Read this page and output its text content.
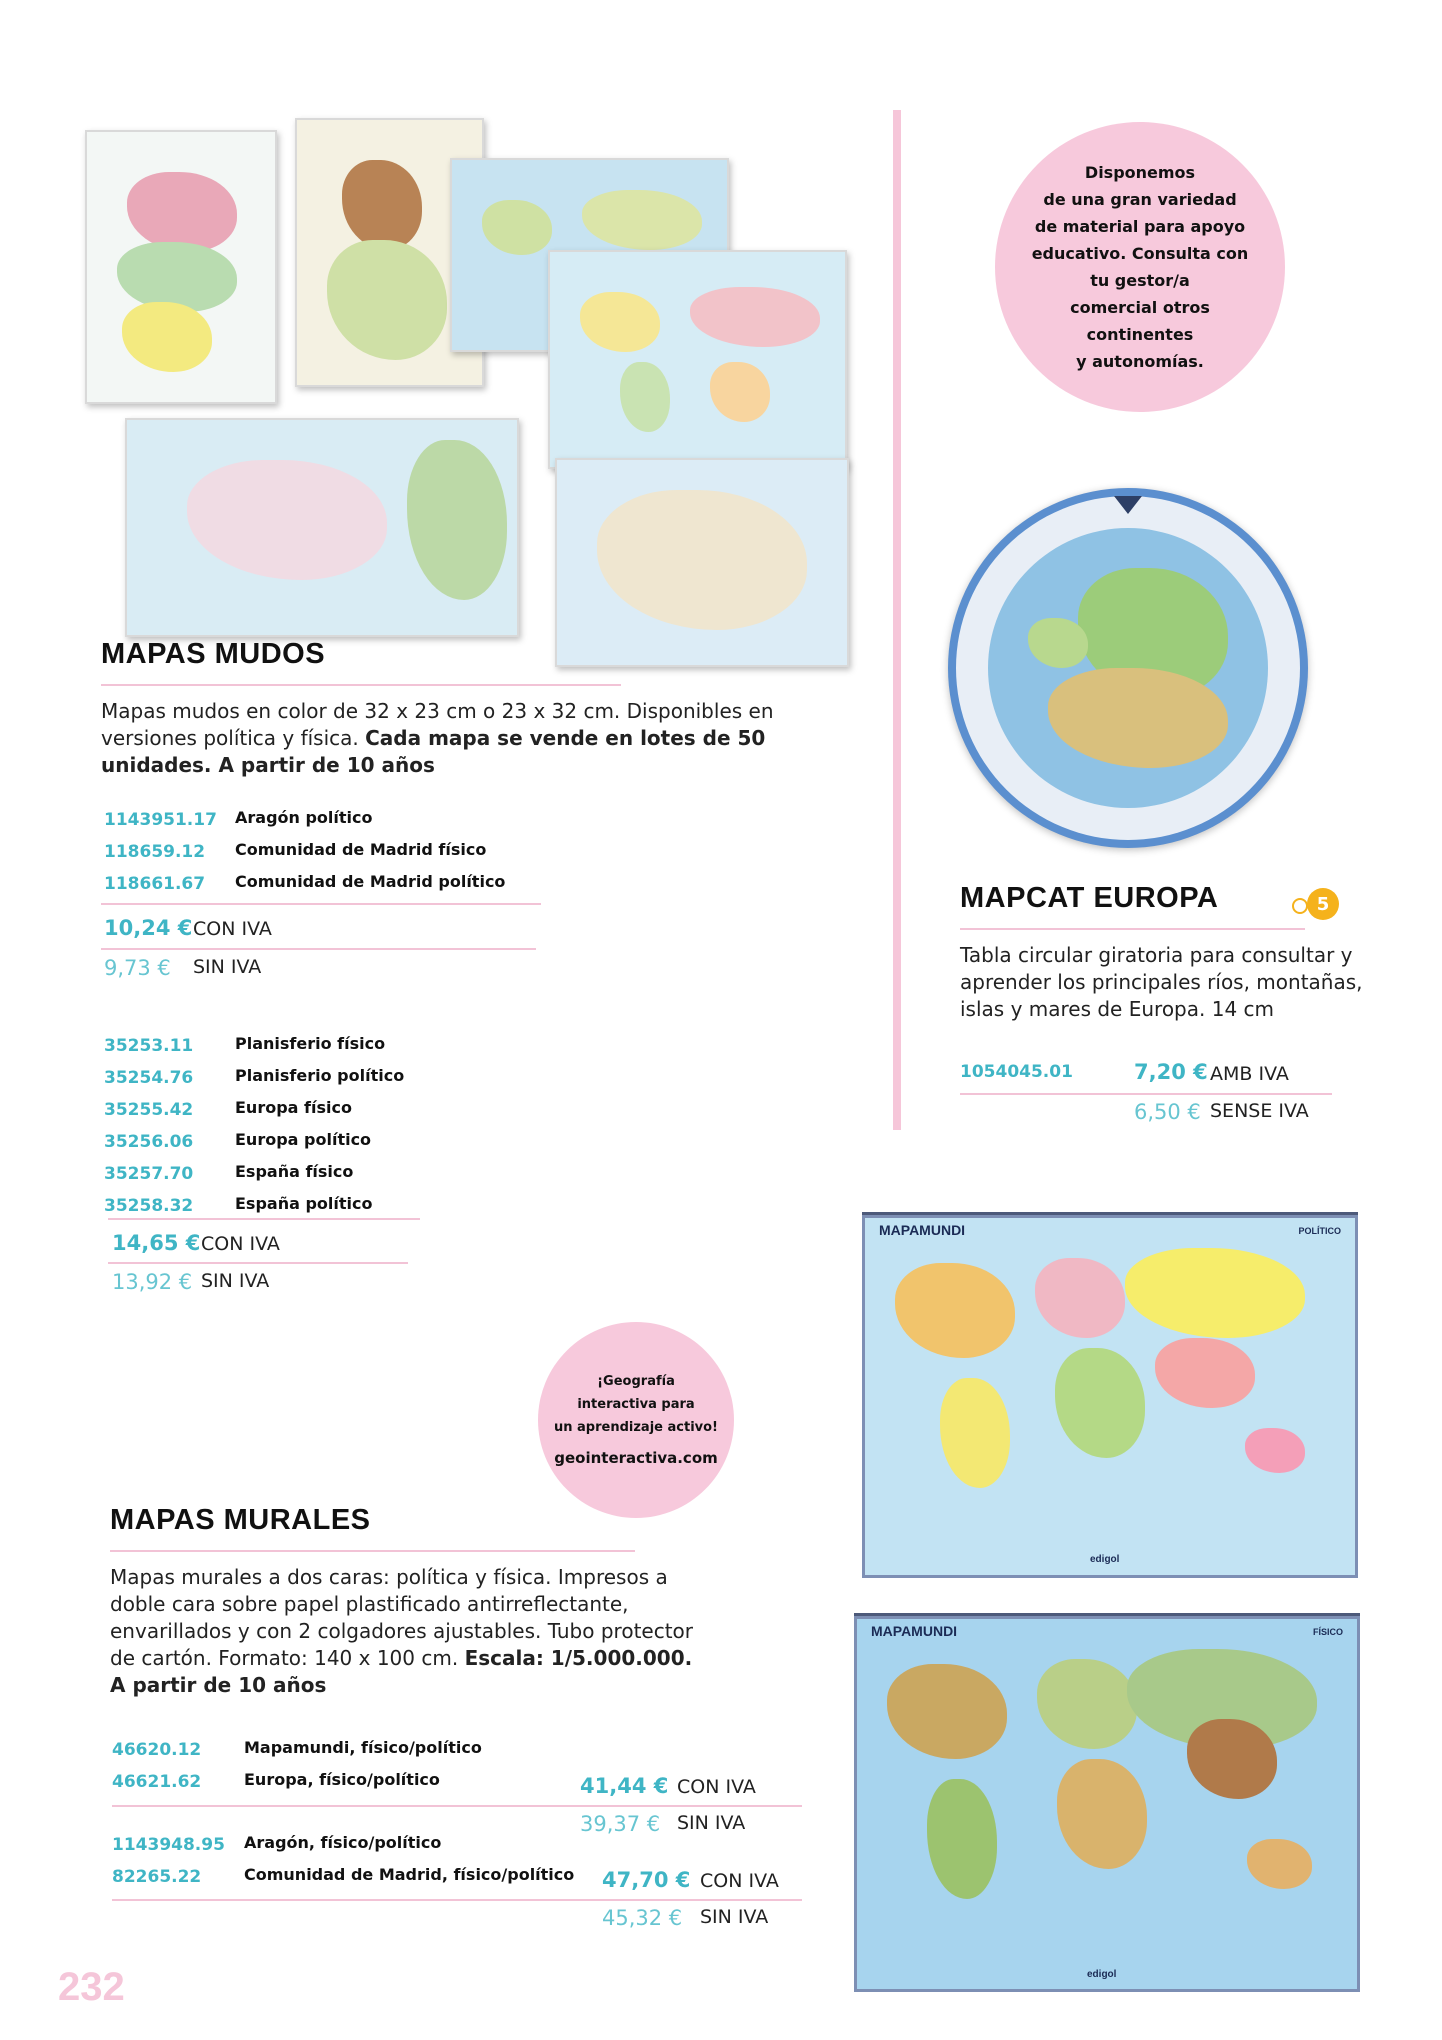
MAPAS MUDOS
Mapas mudos en color de 32 x 23 cm o 23 x 32 cm. Disponibles en versiones política y física. Cada mapa se vende en lotes de 50 unidades. A partir de 10 años
1143951.17 Aragón político
118659.12 Comunidad de Madrid físico
118661.67 Comunidad de Madrid político
10,24 € CON IVA
9,73 € SIN IVA
35253.11	Planisferio físico
35254.76	Planisferio político
35255.42	Europa físico
35256.06	Europa político
35257.70	España físico
35258.32	España político
14,65 € CON IVA
13,92 € SIN IVA
Disponemos
de una gran variedad
de material para apoyo
educativo. Consulta con
tu gestor/a
comercial otros
continentes
y autonomías.
MAPCAT EUROPA	5
Tabla circular giratoria para consultar y aprender los principales ríos, montañas, islas y mares de Europa. 14 cm
1054045.01	7,20 € AMB IVA
6,50 € SENSE IVA
¡Geografía
interactiva para
un aprendizaje activo!
geointeractiva.com
MAPAS MURALES
Mapas murales a dos caras: política y física. Impresos a doble cara sobre papel plastificado antirreflectante, envarillados y con 2 colgadores ajustables. Tubo protector de cartón. Formato: 140 x 100 cm. Escala: 1/5.000.000. A partir de 10 años
46620.12	Mapamundi, físico/político
46621.62	Europa, físico/político	41,44 € CON IVA
39,37 € SIN IVA
1143948.95 Aragón, físico/político
82265.22	Comunidad de Madrid, físico/político 47,70 € CON IVA
45,32 € SIN IVA
MAPAMUNDI	POLÍTICO
edigol
MAPAMUNDI	FÍSICO
edigol
232
